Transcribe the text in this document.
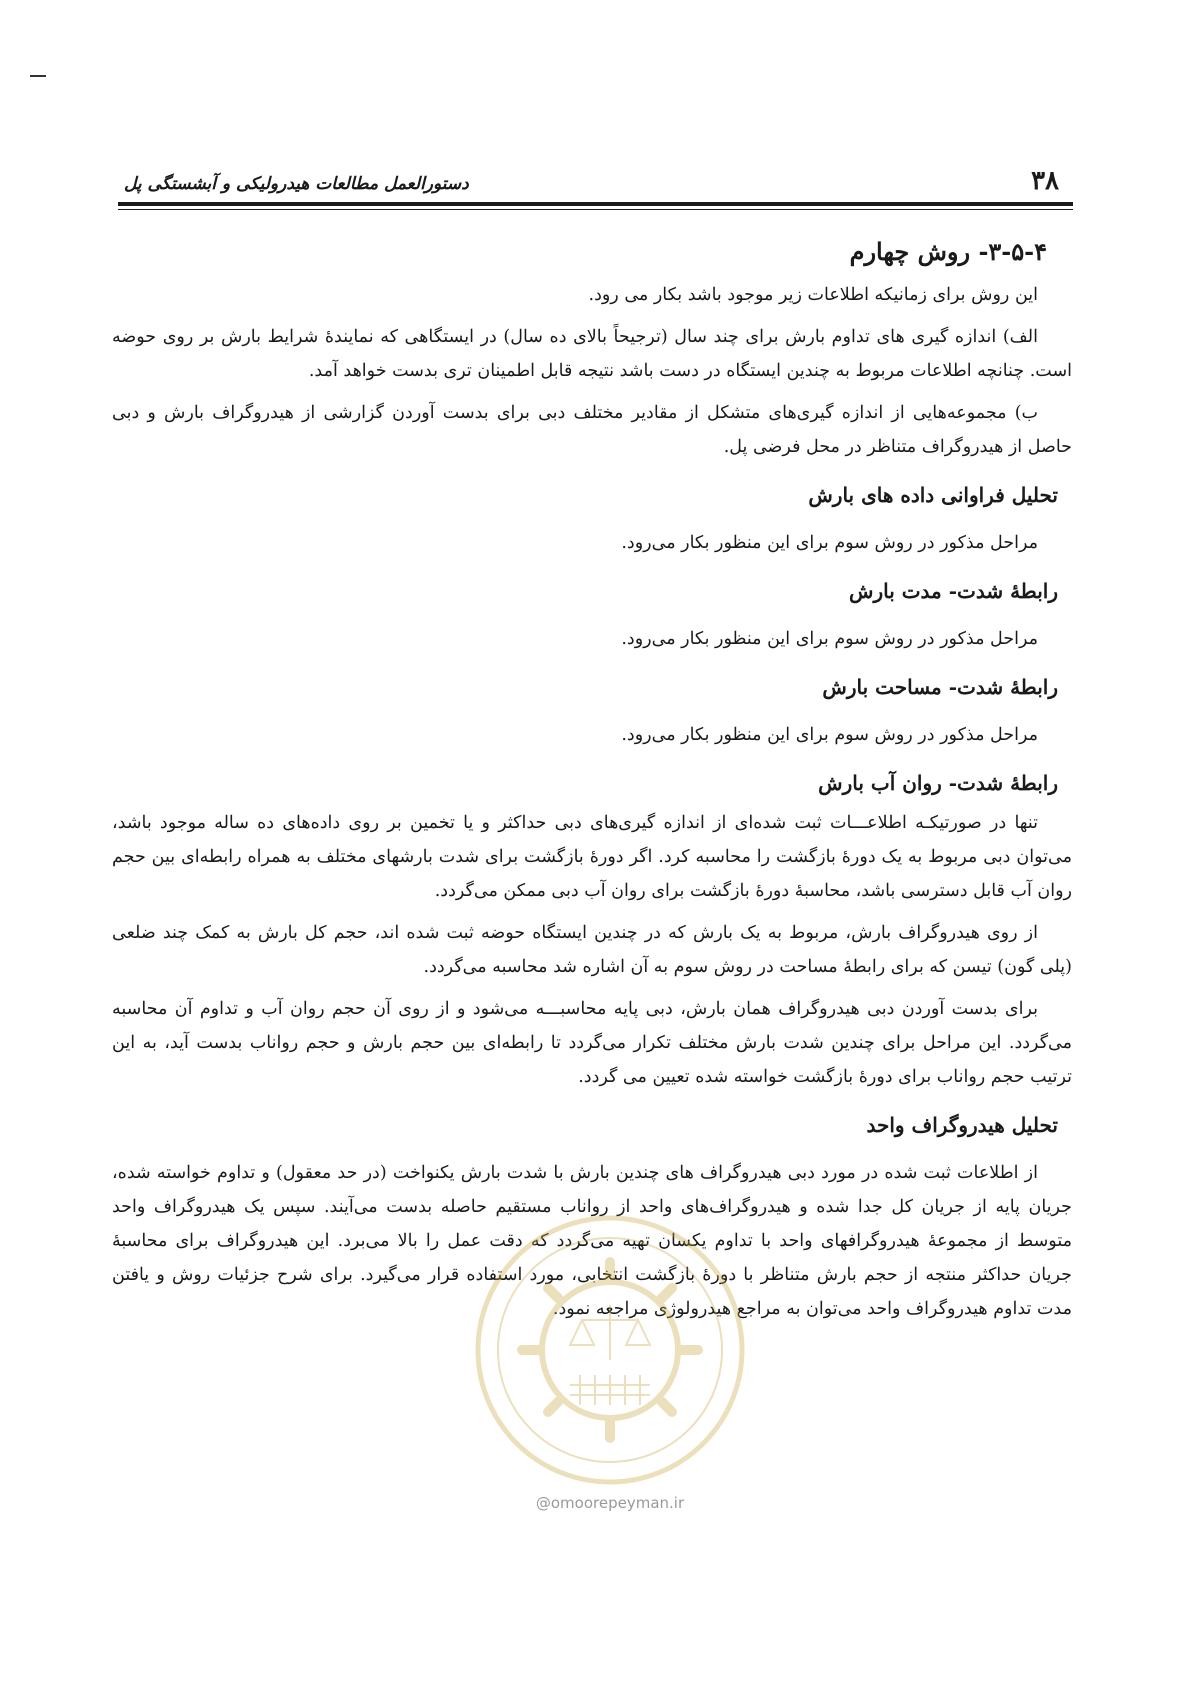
۳۸
دستورالعمل مطالعات هیدرولیکی و آبشستگی پل
۳-۵-۴- روش چهارم

این روش برای زمانیکه اطلاعات زیر موجود باشد بکار می رود.

الف) اندازه گیری های تداوم بارش برای چند سال (ترجیحاً بالای ده سال) در ایستگاهی که نمایندهٔ شرایط بارش بر روی حوضه است. چنانچه اطلاعات مربوط به چندین ایستگاه در دست باشد نتیجه قابل اطمینان تری بدست خواهد آمد.

ب) مجموعه‌هایی از اندازه گیری‌های متشکل از مقادیر مختلف دبی برای بدست آوردن گزارشی از هیدروگراف بارش و دبی حاصل از هیدروگراف متناظر در محل فرضی پل.

تحلیل فراوانی داده های بارش

مراحل مذکور در روش سوم برای این منظور بکار می‌رود.

رابطهٔ شدت- مدت بارش

مراحل مذکور در روش سوم برای این منظور بکار می‌رود.

رابطهٔ شدت- مساحت بارش

مراحل مذکور در روش سوم برای این منظور بکار می‌رود.

رابطهٔ شدت- روان آب بارش

تنها در صورتیکـه اطلاعـــات ثبت شده‌ای از اندازه گیری‌های دبی حداکثر و یا تخمین بر روی داده‌های ده ساله موجود باشد، می‌توان دبی مربوط به یک دورهٔ بازگشت را محاسبه کرد. اگر دورهٔ بازگشت برای شدت بارشهای مختلف به همراه رابطه‌ای بین حجم روان آب قابل دسترسی باشد، محاسبهٔ دورهٔ بازگشت برای روان آب دبی ممکن می‌گردد.

از روی هیدروگراف بارش، مربوط به یک بارش که در چندین ایستگاه حوضه ثبت شده اند، حجم کل بارش به کمک چند ضلعی (پلی گون) تیسن که برای رابطهٔ مساحت در روش سوم به آن اشاره شد محاسبه می‌گردد.

برای بدست آوردن دبی هیدروگراف همان بارش، دبی پایه محاسبـــه می‌شود و از روی آن حجم روان آب و تداوم آن محاسبه می‌گردد. این مراحل برای چندین شدت بارش مختلف تکرار می‌گردد تا رابطه‌ای بین حجم بارش و حجم رواناب بدست آید، به این ترتیب حجم رواناب برای دورهٔ بازگشت خواسته شده تعیین می گردد.

تحلیل هیدروگراف واحد

از اطلاعات ثبت شده در مورد دبی هیدروگراف های چندین بارش با شدت بارش یکنواخت (در حد معقول) و تداوم خواسته شده، جریان پایه از جریان کل جدا شده و هیدروگراف‌های واحد از رواناب مستقیم حاصله بدست می‌آیند. سپس یک هیدروگراف واحد متوسط از مجموعهٔ هیدروگرافهای واحد با تداوم یکسان تهیه می‌گردد که دقت عمل را بالا می‌برد. این هیدروگراف برای محاسبهٔ جریان حداکثر منتجه از حجم بارش متناظر با دورهٔ بازگشت انتخابی، مورد استفاده قرار می‌گیرد. برای شرح جزئیات روش و یافتن مدت تداوم هیدروگراف واحد می‌توان به مراجع هیدرولوژی مراجعه نمود.

@omoorepeyman.ir
